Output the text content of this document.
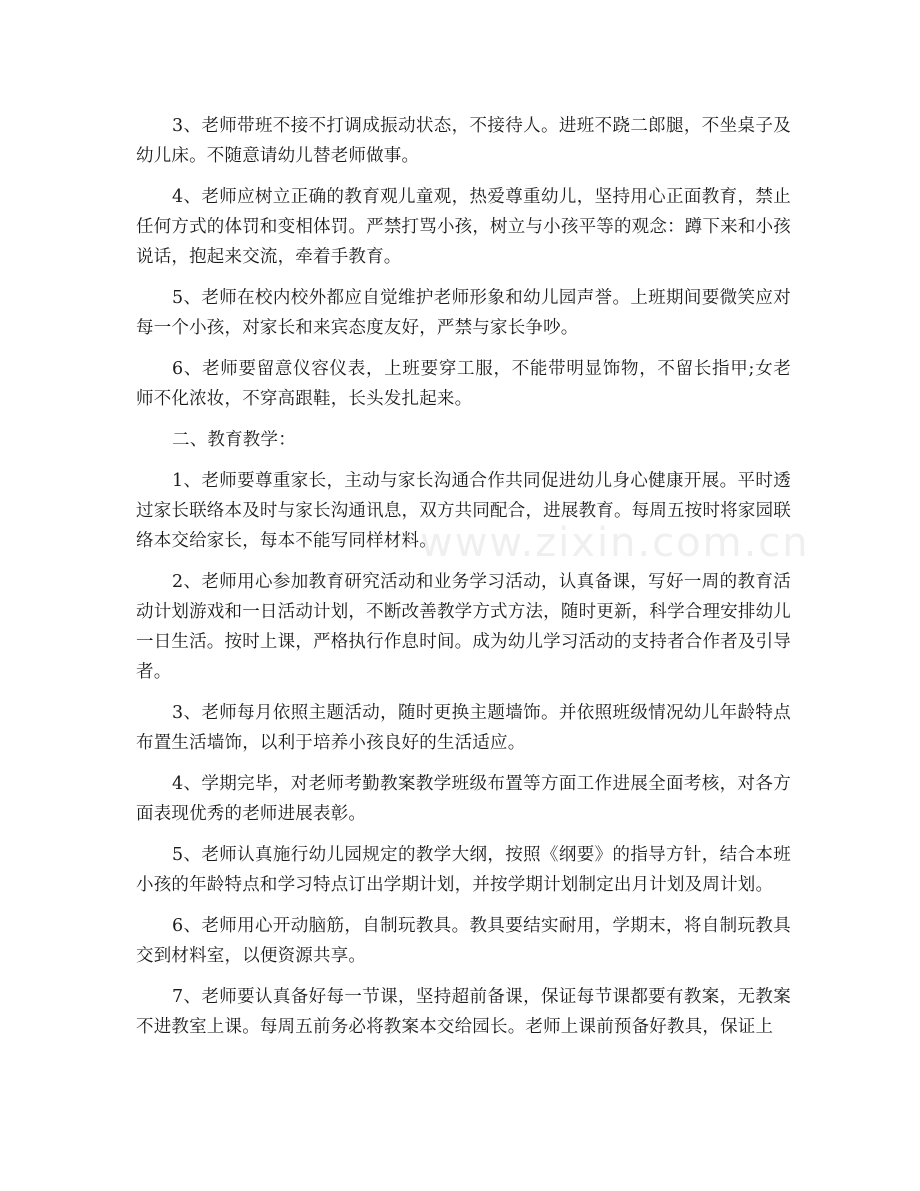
3、老师带班不接不打调成振动状态，不接待人。进班不跷二郎腿，不坐桌子及幼儿床。不随意请幼儿替老师做事。

4、老师应树立正确的教育观儿童观，热爱尊重幼儿，坚持用心正面教育，禁止任何方式的体罚和变相体罚。严禁打骂小孩，树立与小孩平等的观念：蹲下来和小孩说话，抱起来交流，牵着手教育。

5、老师在校内校外都应自觉维护老师形象和幼儿园声誉。上班期间要微笑应对每一个小孩，对家长和来宾态度友好，严禁与家长争吵。

6、老师要留意仪容仪表，上班要穿工服，不能带明显饰物，不留长指甲;女老师不化浓妆，不穿高跟鞋，长头发扎起来。

二、教育教学：

1、老师要尊重家长，主动与家长沟通合作共同促进幼儿身心健康开展。平时透过家长联络本及时与家长沟通讯息，双方共同配合，进展教育。每周五按时将家园联络本交给家长，每本不能写同样材料。

2、老师用心参加教育研究活动和业务学习活动，认真备课，写好一周的教育活动计划游戏和一日活动计划，不断改善教学方式方法，随时更新，科学合理安排幼儿一日生活。按时上课，严格执行作息时间。成为幼儿学习活动的支持者合作者及引导者。

3、老师每月依照主题活动，随时更换主题墙饰。并依照班级情况幼儿年龄特点布置生活墙饰，以利于培养小孩良好的生活适应。

4、学期完毕，对老师考勤教案教学班级布置等方面工作进展全面考核，对各方面表现优秀的老师进展表彰。

5、老师认真施行幼儿园规定的教学大纲，按照《纲要》的指导方针，结合本班小孩的年龄特点和学习特点订出学期计划，并按学期计划制定出月计划及周计划。

6、老师用心开动脑筋，自制玩教具。教具要结实耐用，学期末，将自制玩教具交到材料室，以便资源共享。

7、老师要认真备好每一节课，坚持超前备课，保证每节课都要有教案，无教案不进教室上课。每周五前务必将教案本交给园长。老师上课前预备好教具，保证上

www.zixin.com.cn
